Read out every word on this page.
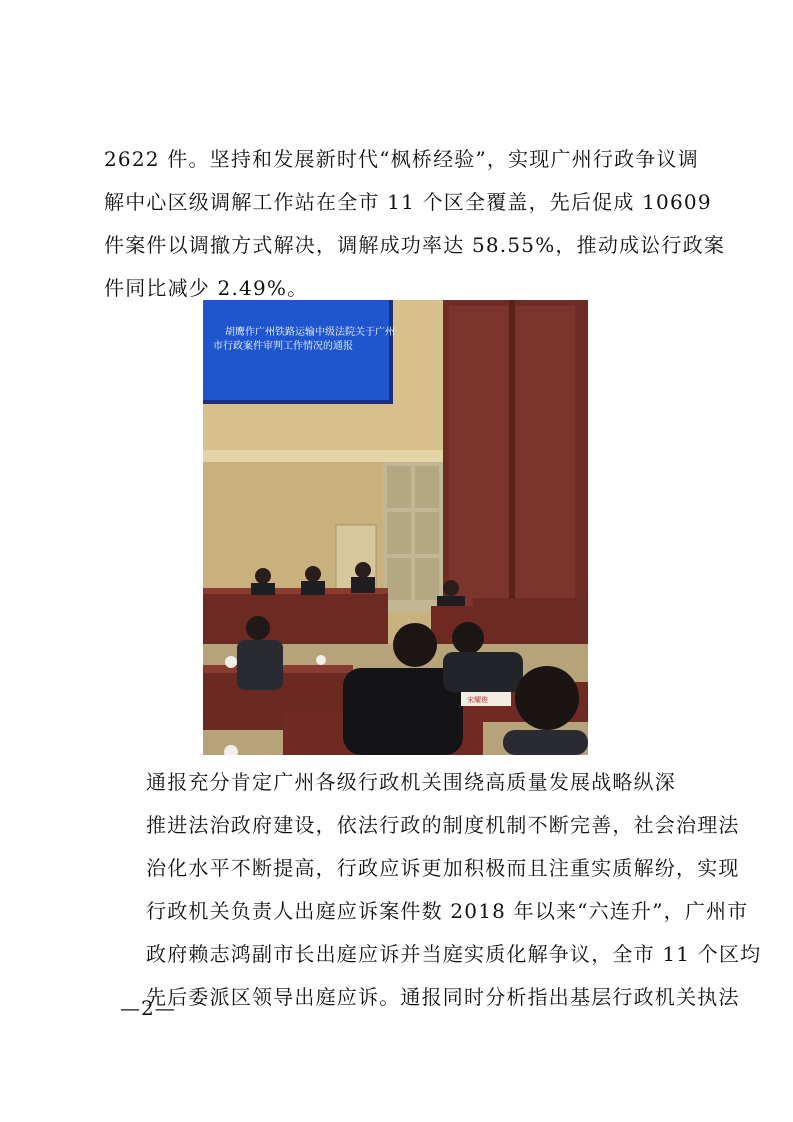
2622 件。坚持和发展新时代“枫桥经验”，实现广州行政争议调
解中心区级调解工作站在全市 11 个区全覆盖，先后促成 10609
件案件以调撤方式解决，调解成功率达 58.55%，推动成讼行政案
件同比减少 2.49%。
胡鹰作广州铁路运输中级法院关于广州
市行政案件审判工作情况的通报
宋耀俊
通报充分肯定广州各级行政机关围绕高质量发展战略纵深
推进法治政府建设，依法行政的制度机制不断完善，社会治理法
治化水平不断提高，行政应诉更加积极而且注重实质解纷，实现
行政机关负责人出庭应诉案件数 2018 年以来“六连升”，广州市
政府赖志鸿副市长出庭应诉并当庭实质化解争议，全市 11 个区均
先后委派区领导出庭应诉。通报同时分析指出基层行政机关执法
—2—
